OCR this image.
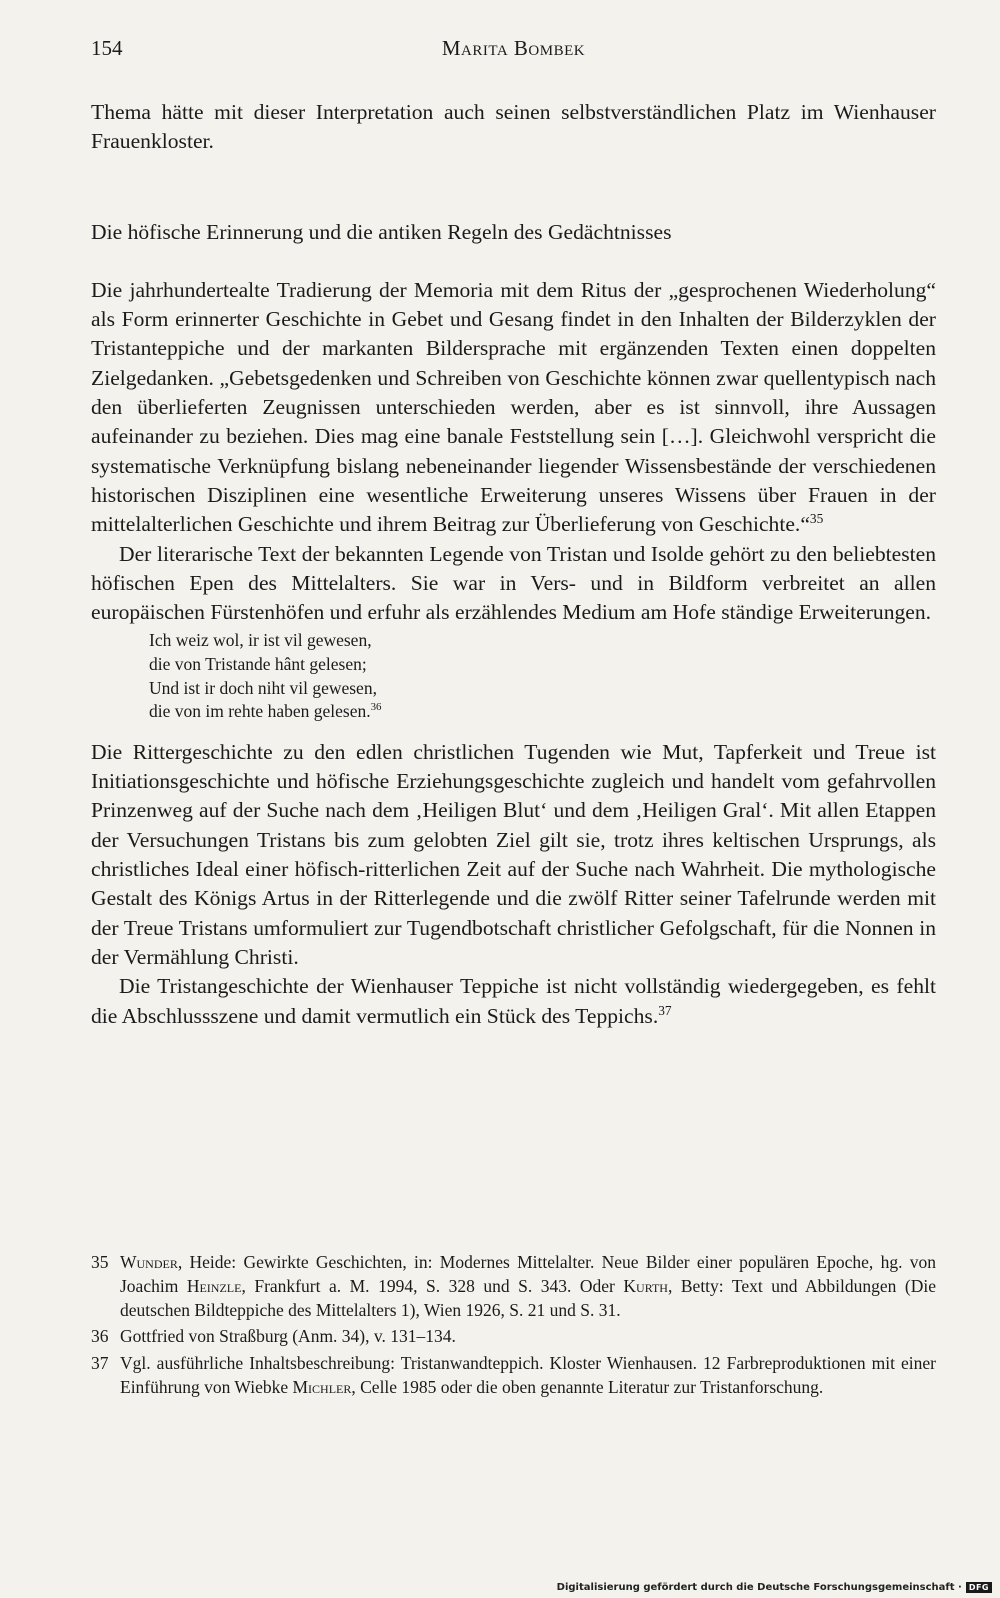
154	Marita Bombek

Thema hätte mit dieser Interpretation auch seinen selbstverständlichen Platz im Wienhauser Frauenkloster.

Die höfische Erinnerung und die antiken Regeln des Gedächtnisses

Die jahrhundertealte Tradierung der Memoria mit dem Ritus der „gesprochenen Wiederholung“ als Form erinnerter Geschichte in Gebet und Gesang findet in den Inhalten der Bilderzyklen der Tristanteppiche und der markanten Bildersprache mit ergänzenden Texten einen doppelten Zielgedanken. „Gebetsgedenken und Schreiben von Geschichte können zwar quellentypisch nach den überlieferten Zeugnissen unterschieden werden, aber es ist sinnvoll, ihre Aussagen aufeinander zu beziehen. Dies mag eine banale Feststellung sein […]. Gleichwohl verspricht die systematische Verknüpfung bislang nebeneinander liegender Wissensbestände der verschiedenen historischen Disziplinen eine wesentliche Erweiterung unseres Wissens über Frauen in der mittelalterlichen Geschichte und ihrem Beitrag zur Überlieferung von Geschichte.“$^{35}$

Der literarische Text der bekannten Legende von Tristan und Isolde gehört zu den beliebtesten höfischen Epen des Mittelalters. Sie war in Vers- und in Bildform verbreitet an allen europäischen Fürstenhöfen und erfuhr als erzählendes Medium am Hofe ständige Erweiterungen.

Ich weiz wol, ir ist vil gewesen,
die von Tristande hânt gelesen;
Und ist ir doch niht vil gewesen,
die von im rehte haben gelesen.$^{36}$

Die Rittergeschichte zu den edlen christlichen Tugenden wie Mut, Tapferkeit und Treue ist Initiationsgeschichte und höfische Erziehungsgeschichte zugleich und handelt vom gefahrvollen Prinzenweg auf der Suche nach dem ‚Heiligen Blut‘ und dem ‚Heiligen Gral‘. Mit allen Etappen der Versuchungen Tristans bis zum gelobten Ziel gilt sie, trotz ihres keltischen Ursprungs, als christliches Ideal einer höfisch-ritterlichen Zeit auf der Suche nach Wahrheit. Die mythologische Gestalt des Königs Artus in der Ritterlegende und die zwölf Ritter seiner Tafelrunde werden mit der Treue Tristans umformuliert zur Tugendbotschaft christlicher Gefolgschaft, für die Nonnen in der Vermählung Christi.

Die Tristangeschichte der Wienhauser Teppiche ist nicht vollständig wiedergegeben, es fehlt die Abschlussszene und damit vermutlich ein Stück des Teppichs.$^{37}$

35 Wunder, Heide: Gewirkte Geschichten, in: Modernes Mittelalter. Neue Bilder einer populären Epoche, hg. von Joachim Heinzle, Frankfurt a. M. 1994, S. 328 und S. 343. Oder Kurth, Betty: Text und Abbildungen (Die deutschen Bildteppiche des Mittelalters 1), Wien 1926, S. 21 und S. 31.
36 Gottfried von Straßburg (Anm. 34), v. 131–134.
37 Vgl. ausführliche Inhaltsbeschreibung: Tristanwandteppich. Kloster Wienhausen. 12 Farbreproduktionen mit einer Einführung von Wiebke Michler, Celle 1985 oder die oben genannte Literatur zur Tristanforschung.
Digitalisierung gefördert durch die Deutsche Forschungsgemeinschaft · DFG
